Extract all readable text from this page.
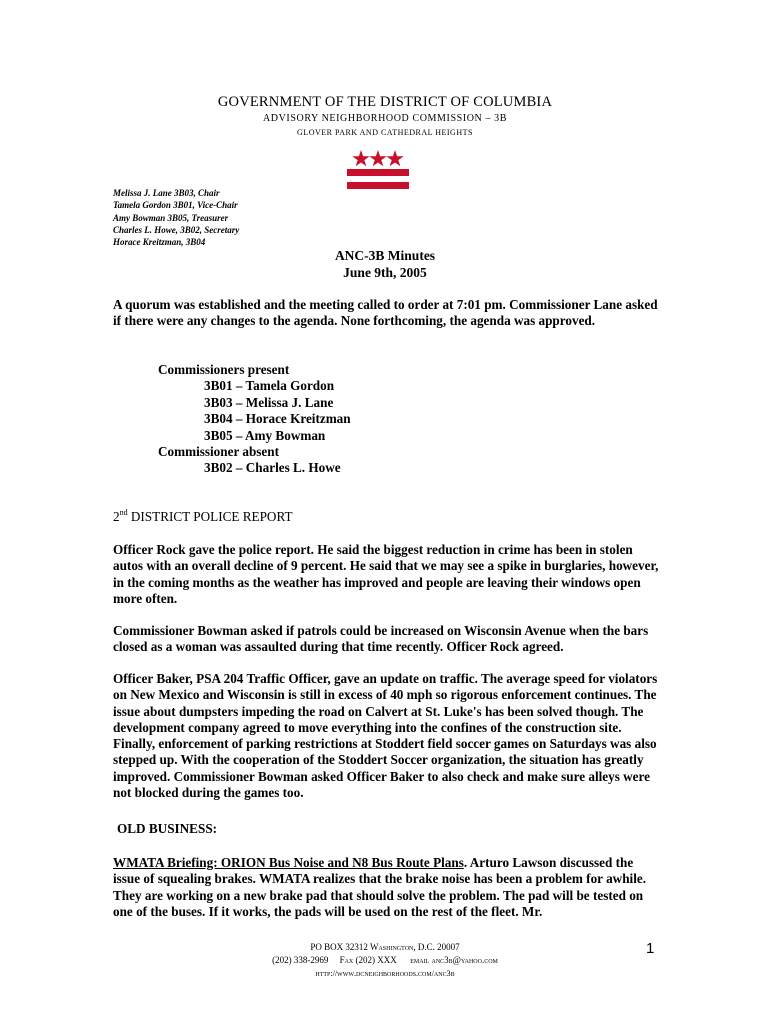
GOVERNMENT OF THE DISTRICT OF COLUMBIA
ADVISORY NEIGHBORHOOD COMMISSION – 3B
GLOVER PARK AND CATHEDRAL HEIGHTS
Melissa J. Lane 3B03, Chair
Tamela Gordon 3B01, Vice-Chair
Amy Bowman 3B05, Treasurer
Charles L. Howe, 3B02, Secretary
Horace Kreitzman, 3B04
ANC-3B Minutes
June 9th, 2005
A quorum was established and the meeting called to order at 7:01 pm. Commissioner Lane asked if there were any changes to the agenda. None forthcoming, the agenda was approved.
Commissioners present
3B01 – Tamela Gordon
3B03 – Melissa J. Lane
3B04 – Horace Kreitzman
3B05 – Amy Bowman
Commissioner absent
3B02 – Charles L. Howe
2nd DISTRICT POLICE REPORT
Officer Rock gave the police report. He said the biggest reduction in crime has been in stolen autos with an overall decline of 9 percent. He said that we may see a spike in burglaries, however, in the coming months as the weather has improved and people are leaving their windows open more often.
Commissioner Bowman asked if patrols could be increased on Wisconsin Avenue when the bars closed as a woman was assaulted during that time recently. Officer Rock agreed.
Officer Baker, PSA 204 Traffic Officer, gave an update on traffic. The average speed for violators on New Mexico and Wisconsin is still in excess of 40 mph so rigorous enforcement continues. The issue about dumpsters impeding the road on Calvert at St. Luke's has been solved though. The development company agreed to move everything into the confines of the construction site. Finally, enforcement of parking restrictions at Stoddert field soccer games on Saturdays was also stepped up. With the cooperation of the Stoddert Soccer organization, the situation has greatly improved. Commissioner Bowman asked Officer Baker to also check and make sure alleys were not blocked during the games too.
OLD BUSINESS:
WMATA Briefing: ORION Bus Noise and N8 Bus Route Plans. Arturo Lawson discussed the issue of squealing brakes. WMATA realizes that the brake noise has been a problem for awhile. They are working on a new brake pad that should solve the problem. The pad will be tested on one of the buses. If it works, the pads will be used on the rest of the fleet. Mr.
PO BOX 32312 Washington, D.C. 20007
(202) 338-2969 Fax (202) XXX email anc3b@yahoo.com
http://www.dcneighborhoods.com/anc3b
1
